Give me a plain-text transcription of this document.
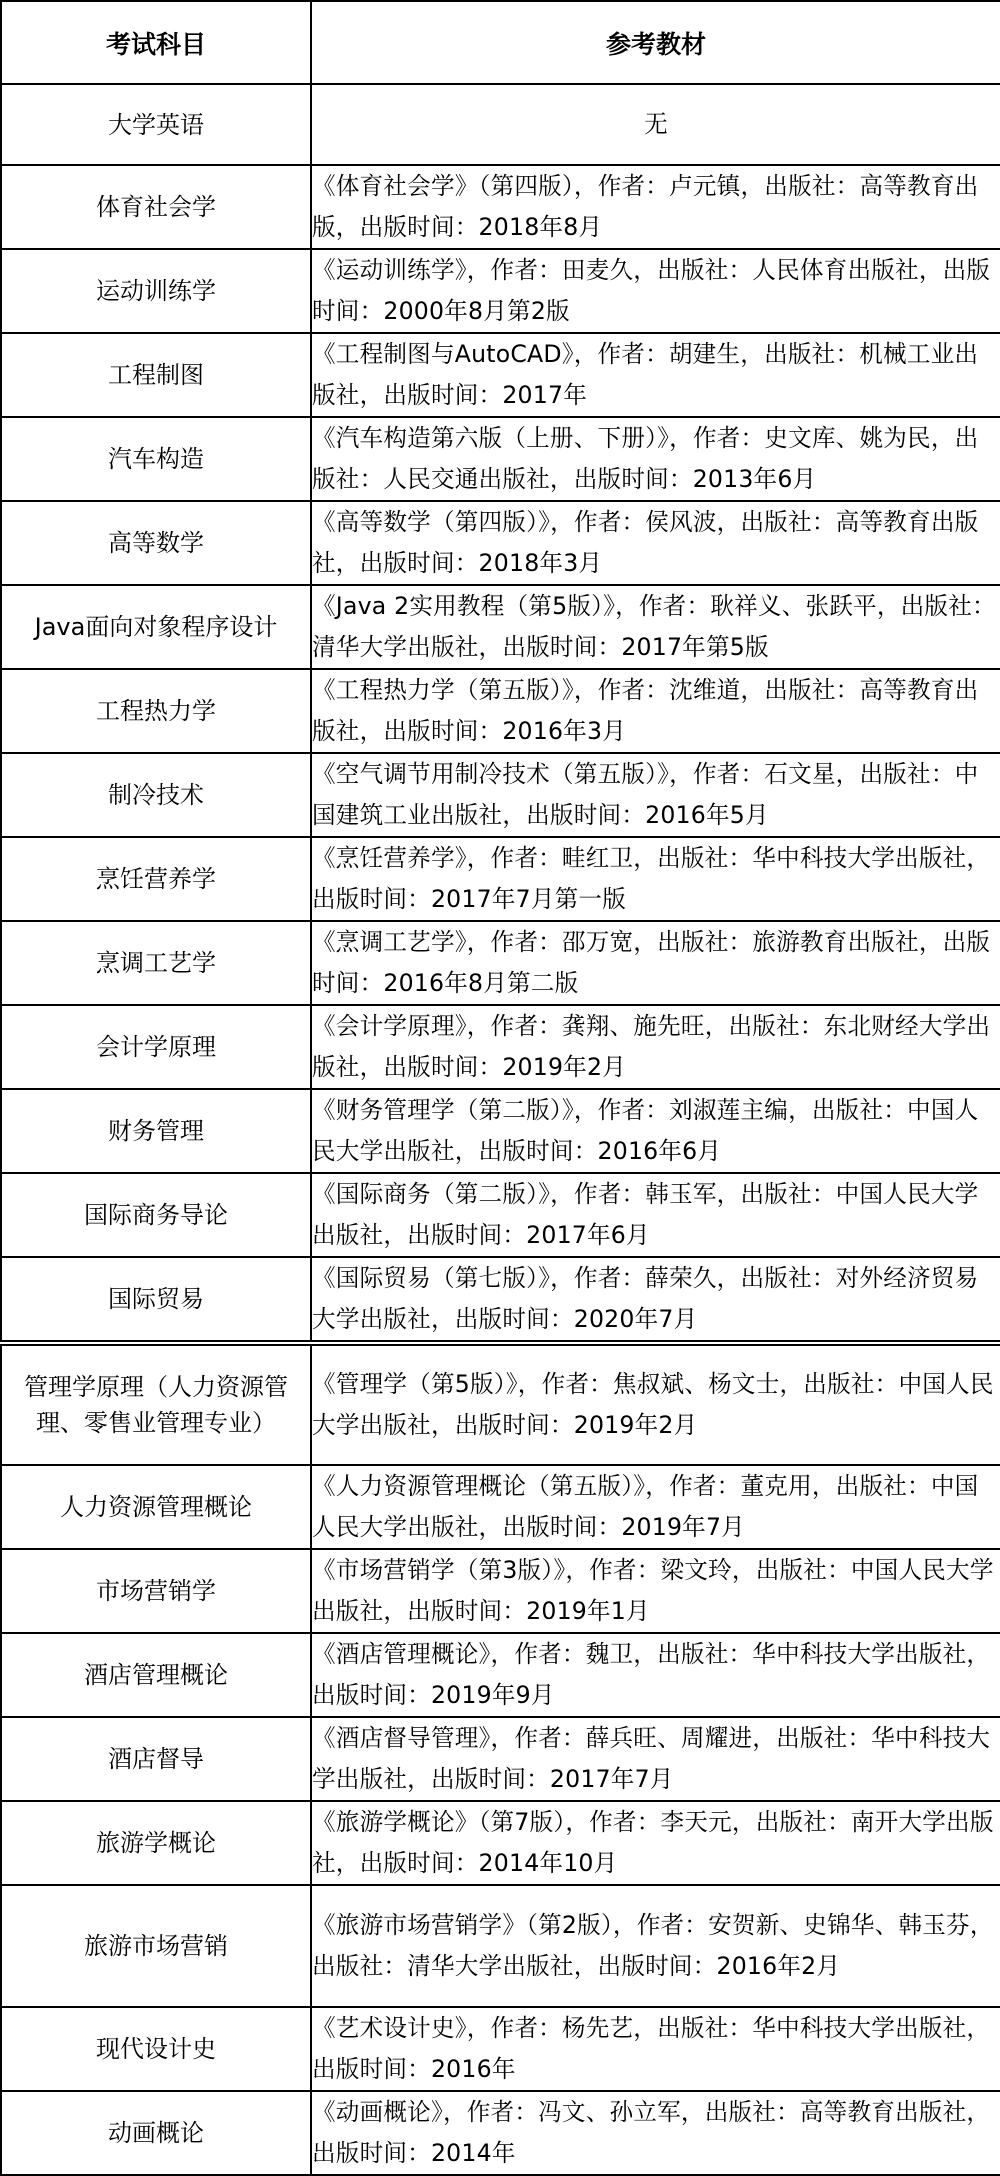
考试科目	参考教材
大学英语	无
体育社会学	《体育社会学》（第四版），作者：卢元镇，出版社：高等教育出版，出版时间：2018年8月
运动训练学	《运动训练学》，作者：田麦久，出版社：人民体育出版社，出版时间：2000年8月第2版
工程制图	《工程制图与AutoCAD》，作者：胡建生，出版社：机械工业出版社，出版时间：2017年
汽车构造	《汽车构造第六版（上册、下册）》，作者：史文库、姚为民，出版社：人民交通出版社，出版时间：2013年6月
高等数学	《高等数学（第四版）》，作者：侯风波，出版社：高等教育出版社，出版时间：2018年3月
Java面向对象程序设计	《Java 2实用教程（第5版）》，作者：耿祥义、张跃平，出版社：清华大学出版社，出版时间：2017年第5版
工程热力学	《工程热力学（第五版）》，作者：沈维道，出版社：高等教育出版社，出版时间：2016年3月
制冷技术	《空气调节用制冷技术（第五版）》，作者：石文星，出版社：中国建筑工业出版社，出版时间：2016年5月
烹饪营养学	《烹饪营养学》，作者：畦红卫，出版社：华中科技大学出版社，出版时间：2017年7月第一版
烹调工艺学	《烹调工艺学》，作者：邵万宽，出版社：旅游教育出版社，出版时间：2016年8月第二版
会计学原理	《会计学原理》，作者：龚翔、施先旺，出版社：东北财经大学出版社，出版时间：2019年2月
财务管理	《财务管理学（第二版）》，作者：刘淑莲主编，出版社：中国人民大学出版社，出版时间：2016年6月
国际商务导论	《国际商务（第二版）》，作者：韩玉军，出版社：中国人民大学出版社，出版时间：2017年6月
国际贸易	《国际贸易（第七版）》，作者：薛荣久，出版社：对外经济贸易大学出版社，出版时间：2020年7月
管理学原理（人力资源管理、零售业管理专业）	《管理学（第5版）》，作者：焦叔斌、杨文士，出版社：中国人民大学出版社，出版时间：2019年2月
人力资源管理概论	《人力资源管理概论（第五版）》，作者：董克用，出版社：中国人民大学出版社，出版时间：2019年7月
市场营销学	《市场营销学（第3版）》，作者：梁文玲，出版社：中国人民大学出版社，出版时间：2019年1月
酒店管理概论	《酒店管理概论》，作者：魏卫，出版社：华中科技大学出版社，出版时间：2019年9月
酒店督导	《酒店督导管理》，作者：薛兵旺、周耀进，出版社：华中科技大学出版社，出版时间：2017年7月
旅游学概论	《旅游学概论》（第7版），作者：李天元，出版社：南开大学出版社，出版时间：2014年10月
旅游市场营销	《旅游市场营销学》（第2版），作者：安贺新、史锦华、韩玉芬，出版社：清华大学出版社，出版时间：2016年2月
现代设计史	《艺术设计史》，作者：杨先艺，出版社：华中科技大学出版社，出版时间：2016年
动画概论	《动画概论》，作者：冯文、孙立军，出版社：高等教育出版社，出版时间：2014年
